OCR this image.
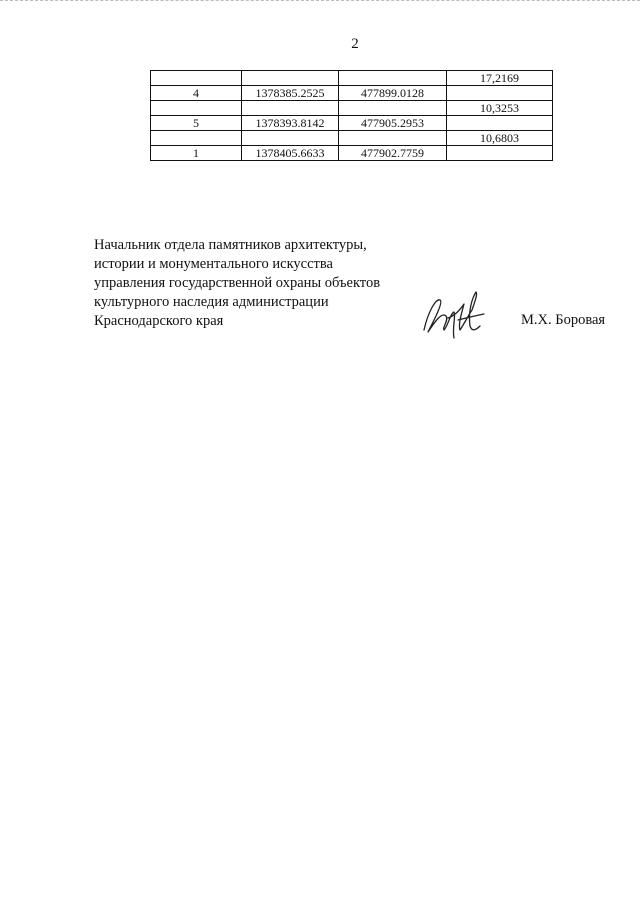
2
			17,2169
4	1378385.2525	477899.0128	
			10,3253
5	1378393.8142	477905.2953	
			10,6803
1	1378405.6633	477902.7759	
Начальник отдела памятников архитектуры,
истории и монументального искусства
управления государственной охраны объектов
культурного наследия администрации
Краснодарского края	М.Х. Боровая
